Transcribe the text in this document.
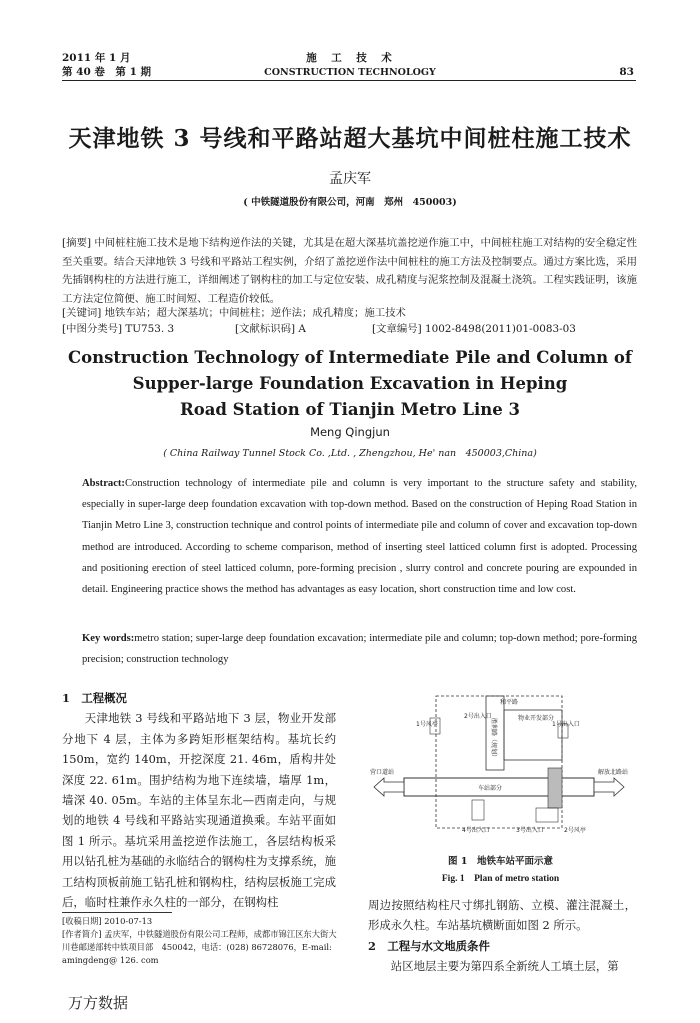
2011 年 1 月
第 40 卷　第 1 期
施　工　技　术
CONSTRUCTION TECHNOLOGY	83
天津地铁 3 号线和平路站超大基坑中间桩柱施工技术
孟庆军
( 中铁隧道股份有限公司，河南　郑州　450003)
[摘要] 中间桩柱施工技术是地下结构逆作法的关键，尤其是在超大深基坑盖挖逆作施工中，中间桩柱施工对结构的安全稳定性至关重要。结合天津地铁 3 号线和平路站工程实例，介绍了盖挖逆作法中间桩柱的施工方法及控制要点。通过方案比选，采用先插钢构柱的方法进行施工，详细阐述了钢构柱的加工与定位安装、成孔精度与泥浆控制及混凝土浇筑。工程实践证明，该施工方法定位简便、施工时间短、工程造价较低。
[关键词] 地铁车站；超大深基坑；中间桩柱；逆作法；成孔精度；施工技术
[中图分类号] TU753. 3	[文献标识码] A	[文章编号] 1002-8498(2011)01-0083-03
Construction Technology of Intermediate Pile and Column of
Supper-large Foundation Excavation in Heping
Road Station of Tianjin Metro Line 3
Meng Qingjun
( China Railway Tunnel Stock Co. ,Ltd. , Zhengzhou, He' nan　450003,China)
Abstract:Construction technology of intermediate pile and column is very important to the structure safety and stability, especially in super-large deep foundation excavation with top-down method. Based on the construction of Heping Road Station in Tianjin Metro Line 3, construction technique and control points of intermediate pile and column of cover and excavation top-down method are introduced. According to scheme comparison, method of inserting steel latticed column first is adopted. Processing and positioning erection of steel latticed column, pore-forming precision , slurry control and concrete pouring are expounded in detail. Engineering practice shows the method has advantages as easy location, short construction time and low cost.
Key words:metro station; super-large deep foundation excavation; intermediate pile and column; top-down method; pore-forming precision; construction technology
1　工程概况
天津地铁 3 号线和平路站地下 3 层，物业开发部分地下 4 层，主体为多跨矩形框架结构。基坑长约 150m，宽约 140m，开挖深度 21. 46m，盾构井处深度 22. 61m。围护结构为地下连续墙，墙厚 1m，墙深 40. 05m。车站的主体呈东北—西南走向，与规划的地铁 4 号线和平路站实现通道换乘。车站平面如图 1 所示。基坑采用盖挖逆作法施工，各层结构板采用以钻孔桩为基础的永临结合的钢构柱为支撑系统，施工结构顶板前施工钻孔桩和钢构柱，结构层板施工完成后，临时柱兼作永久柱的一部分，在钢构柱
和平路
2号出入口
胜利路（规划）	物业开发部分
1号风亭	1号出入口
营口道站
车站部分
解放北路站
4号出入口	3号出入口	2号风亭
图 1　地铁车站平面示意
Fig. 1　Plan of metro station
周边按照结构柱尺寸绑扎钢筋、立模、灌注混凝土，形成永久柱。车站基坑横断面如图 2 所示。
2　工程与水文地质条件
站区地层主要为第四系全新统人工填土层，第
[收稿日期] 2010-07-13
[作者简介] 孟庆军，中铁隧道股份有限公司工程师，成都市锦江区东大街大川巷邮递部转中铁项目部　450042，电话：(028) 86728076，E-mail: amingdeng@ 126. com
万方数据
